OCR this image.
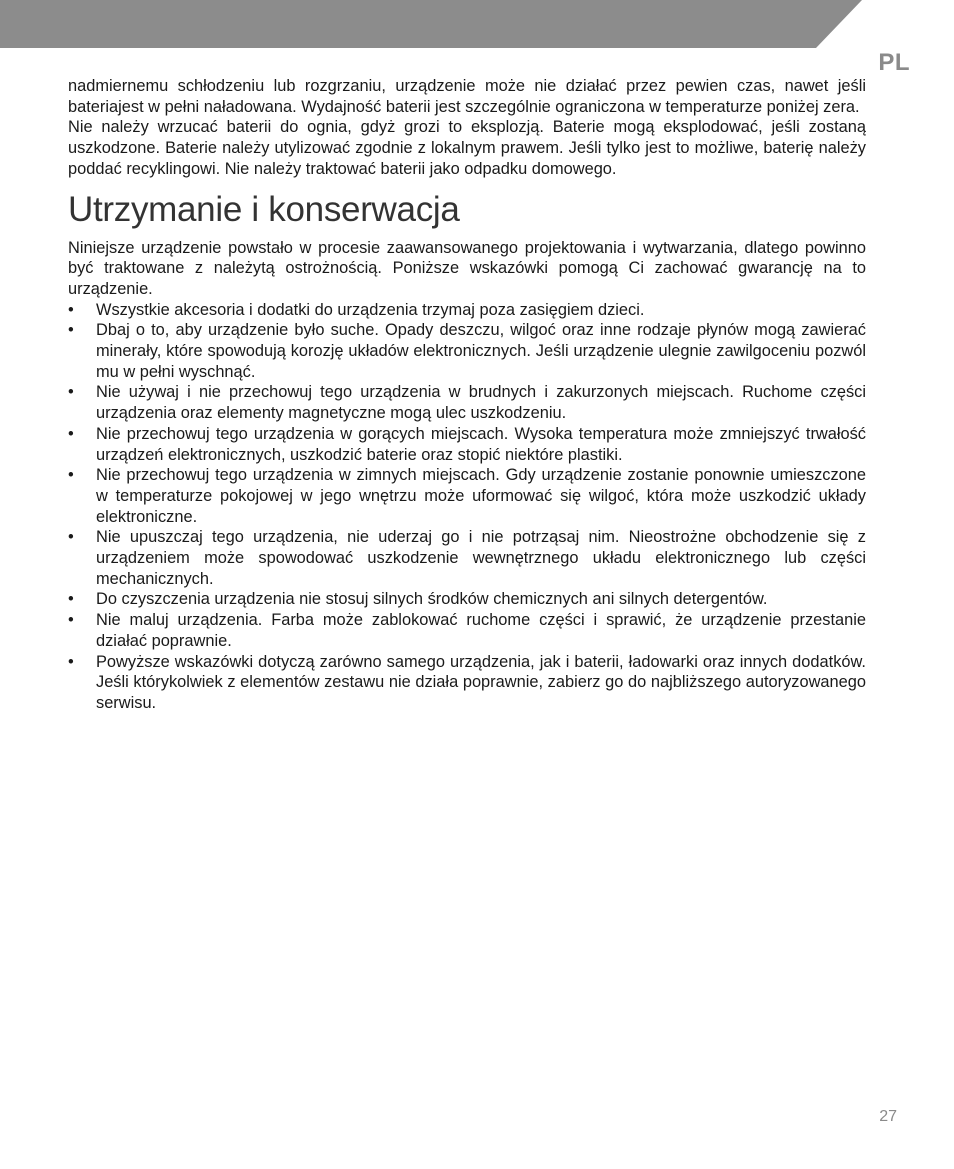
PL

nadmiernemu schłodzeniu lub rozgrzaniu, urządzenie może nie działać przez pewien czas, nawet jeśli bateriajest w pełni naładowana. Wydajność baterii jest szczególnie ograniczona w temperaturze poniżej zera.

Nie należy wrzucać baterii do ognia, gdyż grozi to eksplozją. Baterie mogą eksplodować, jeśli zostaną uszkodzone. Baterie należy utylizować zgodnie z lokalnym prawem. Jeśli tylko jest to możliwe, baterię należy poddać recyklingowi. Nie należy traktować baterii jako odpadku domowego.

Utrzymanie i konserwacja

Niniejsze urządzenie powstało w procesie zaawansowanego projektowania i wytwarzania, dlatego powinno być traktowane z należytą ostrożnością. Poniższe wskazówki pomogą Ci zachować gwarancję na to urządzenie.

• Wszystkie akcesoria i dodatki do urządzenia trzymaj poza zasięgiem dzieci.
• Dbaj o to, aby urządzenie było suche. Opady deszczu, wilgoć oraz inne rodzaje płynów mogą zawierać minerały, które spowodują korozję układów elektronicznych. Jeśli urządzenie ulegnie zawilgoceniu pozwól mu w pełni wyschnąć.
• Nie używaj i nie przechowuj tego urządzenia w brudnych i zakurzonych miejscach. Ruchome części urządzenia oraz elementy magnetyczne mogą ulec uszkodzeniu.
• Nie przechowuj tego urządzenia w gorących miejscach. Wysoka temperatura może zmniejszyć trwałość urządzeń elektronicznych, uszkodzić baterie oraz stopić niektóre plastiki.
• Nie przechowuj tego urządzenia w zimnych miejscach. Gdy urządzenie zostanie ponownie umieszczone w temperaturze pokojowej w jego wnętrzu może uformować się wilgoć, która może uszkodzić układy elektroniczne.
• Nie upuszczaj tego urządzenia, nie uderzaj go i nie potrząsaj nim. Nieostrożne obchodzenie się z urządzeniem może spowodować uszkodzenie wewnętrznego układu elektronicznego lub części mechanicznych.
• Do czyszczenia urządzenia nie stosuj silnych środków chemicznych ani silnych detergentów.
• Nie maluj urządzenia. Farba może zablokować ruchome części i sprawić, że urządzenie przestanie działać poprawnie.
• Powyższe wskazówki dotyczą zarówno samego urządzenia, jak i baterii, ładowarki oraz innych dodatków. Jeśli którykolwiek z elementów zestawu nie działa poprawnie, zabierz go do najbliższego autoryzowanego serwisu.
27
